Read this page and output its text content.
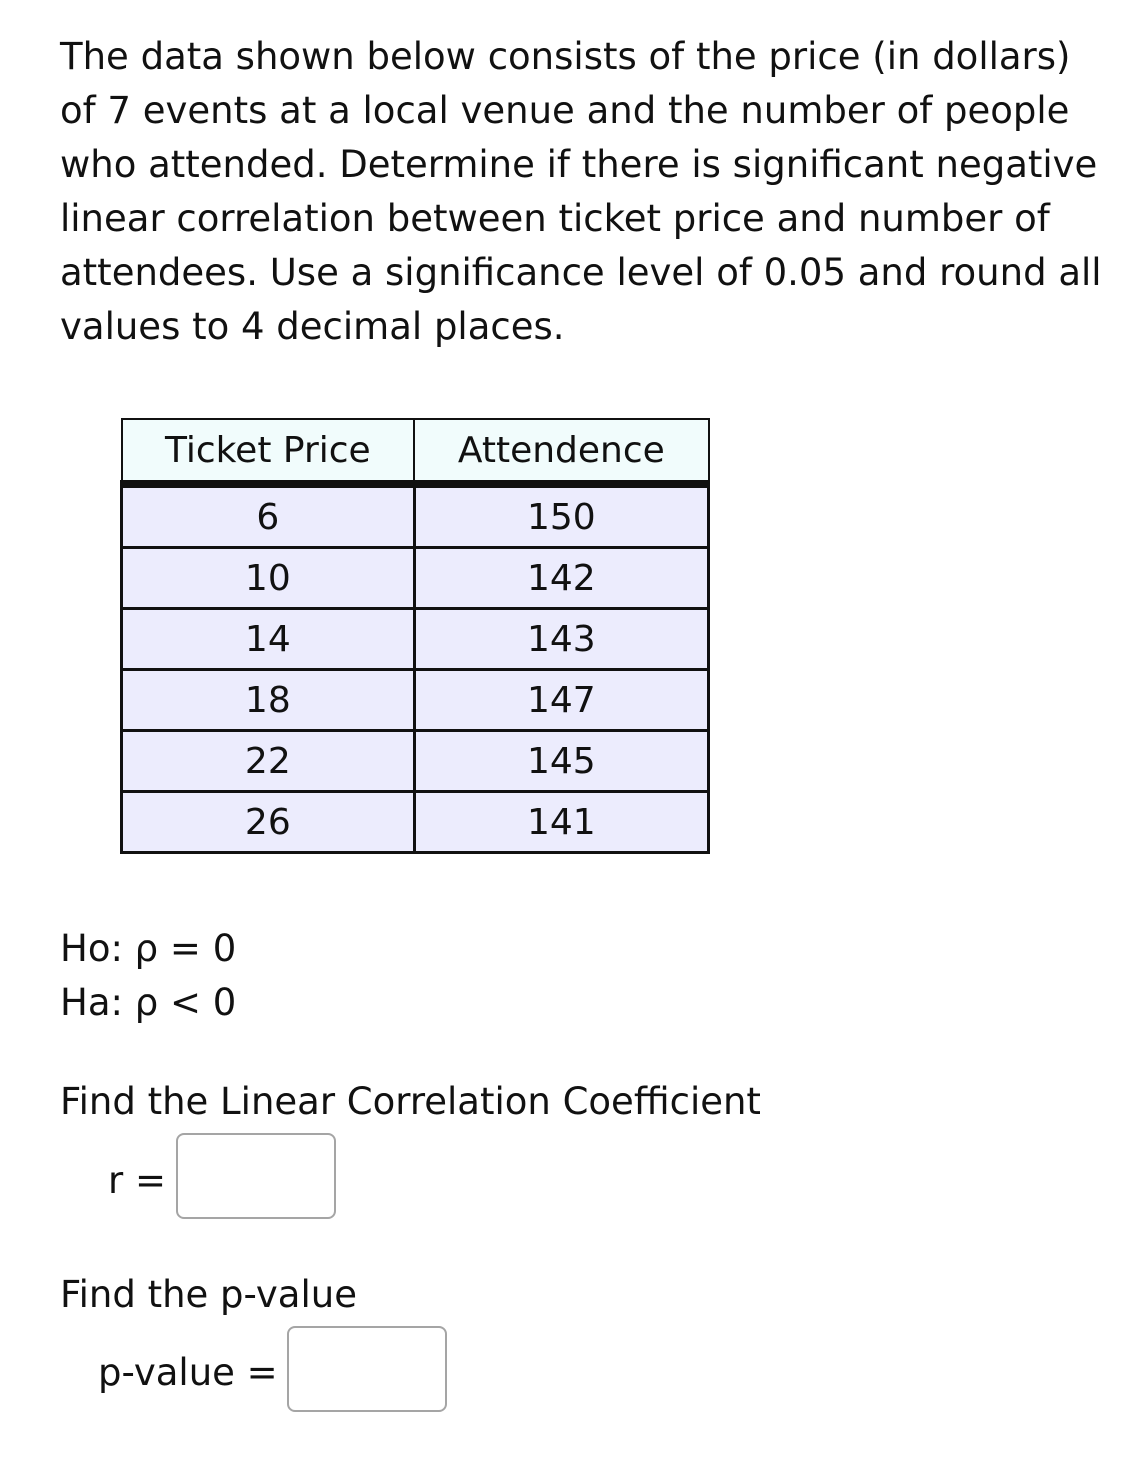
The data shown below consists of the price (in dollars) of 7 events at a local venue and the number of people who attended. Determine if there is significant negative linear correlation between ticket price and number of attendees. Use a significance level of 0.05 and round all values to 4 decimal places.

Ticket Price	Attendence
6	150
10	142
14	143
18	147
22	145
26	141
Ho: ρ = 0
Ha: ρ < 0
Find the Linear Correlation Coefficient
r =
Find the p-value
p-value =
